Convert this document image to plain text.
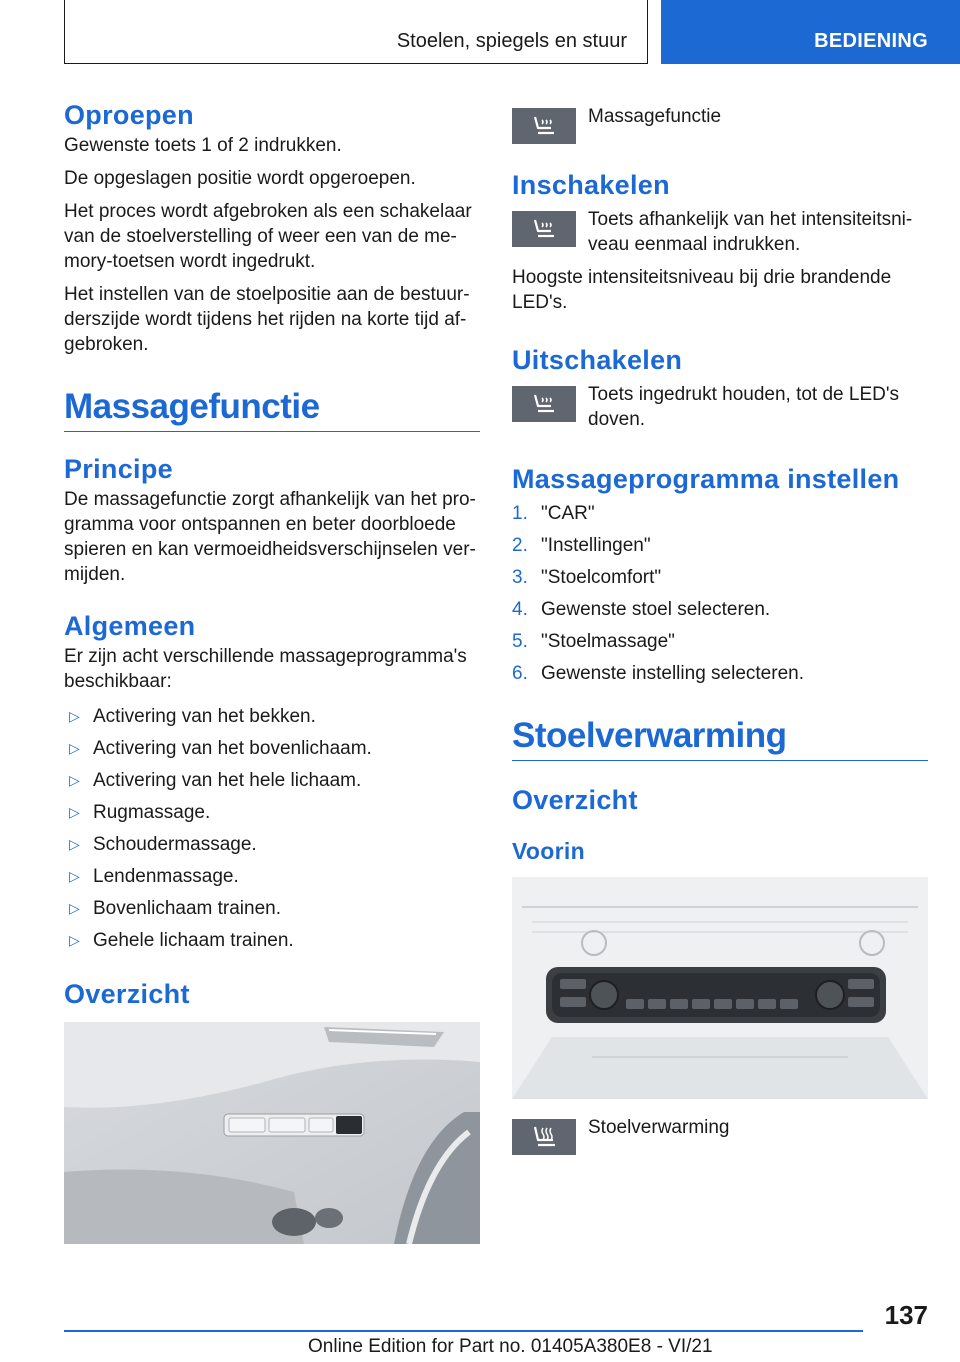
Stoelen, spiegels en stuur	BEDIENING
Oproepen

Gewenste toets 1 of 2 indrukken.

De opgeslagen positie wordt opgeroepen.

Het proces wordt afgebroken als een schakelaar van de stoelverstelling of weer een van de me-mory-toetsen wordt ingedrukt.

Het instellen van de stoelpositie aan de bestuur-derszijde wordt tijdens het rijden na korte tijd af-gebroken.

Massagefunctie
Principe

De massagefunctie zorgt afhankelijk van het pro-gramma voor ontspannen en beter doorbloede spieren en kan vermoeidheidsverschijnselen ver-mijden.

Algemeen

Er zijn acht verschillende massageprogramma's beschikbaar:

▷ Activering van het bekken.
▷ Activering van het bovenlichaam.
▷ Activering van het hele lichaam.
▷ Rugmassage.
▷ Schoudermassage.
▷ Lendenmassage.
▷ Bovenlichaam trainen.
▷ Gehele lichaam trainen.
Overzicht
Massagefunctie
Inschakelen
Toets afhankelijk van het intensiteitsni-veau eenmaal indrukken.

Hoogste intensiteitsniveau bij drie brandende LED's.

Uitschakelen
Toets ingedrukt houden, tot de LED's doven.
Massageprogramma instellen
1. "CAR"
2. "Instellingen"
3. "Stoelcomfort"
4. Gewenste stoel selecteren.
5. "Stoelmassage"
6. Gewenste instelling selecteren.
Stoelverwarming
Overzicht
Voorin
Stoelverwarming
137
Online Edition for Part no. 01405A380E8 - VI/21
